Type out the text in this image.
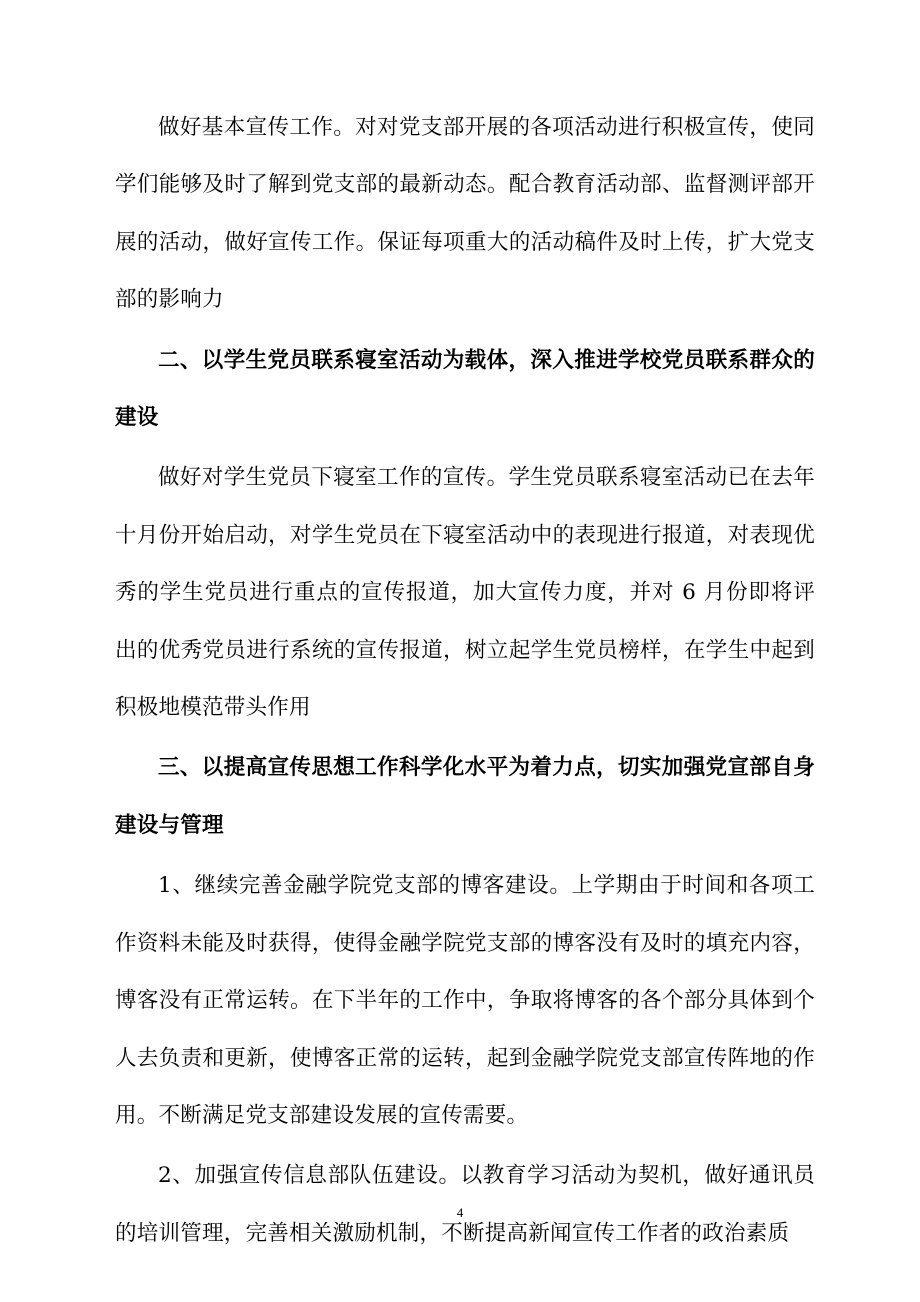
做好基本宣传工作。对对党支部开展的各项活动进行积极宣传，使同学们能够及时了解到党支部的最新动态。配合教育活动部、监督测评部开展的活动，做好宣传工作。保证每项重大的活动稿件及时上传，扩大党支部的影响力

二、以学生党员联系寝室活动为载体，深入推进学校党员联系群众的建设

做好对学生党员下寝室工作的宣传。学生党员联系寝室活动已在去年十月份开始启动，对学生党员在下寝室活动中的表现进行报道，对表现优秀的学生党员进行重点的宣传报道，加大宣传力度，并对 6 月份即将评出的优秀党员进行系统的宣传报道，树立起学生党员榜样，在学生中起到积极地模范带头作用

三、以提高宣传思想工作科学化水平为着力点，切实加强党宣部自身建设与管理

1、继续完善金融学院党支部的博客建设。上学期由于时间和各项工作资料未能及时获得，使得金融学院党支部的博客没有及时的填充内容，博客没有正常运转。在下半年的工作中，争取将博客的各个部分具体到个人去负责和更新，使博客正常的运转，起到金融学院党支部宣传阵地的作用。不断满足党支部建设发展的宣传需要。

2、加强宣传信息部队伍建设。以教育学习活动为契机，做好通讯员的培训管理，完善相关激励机制，不断提高新闻宣传工作者的政治素质

4
